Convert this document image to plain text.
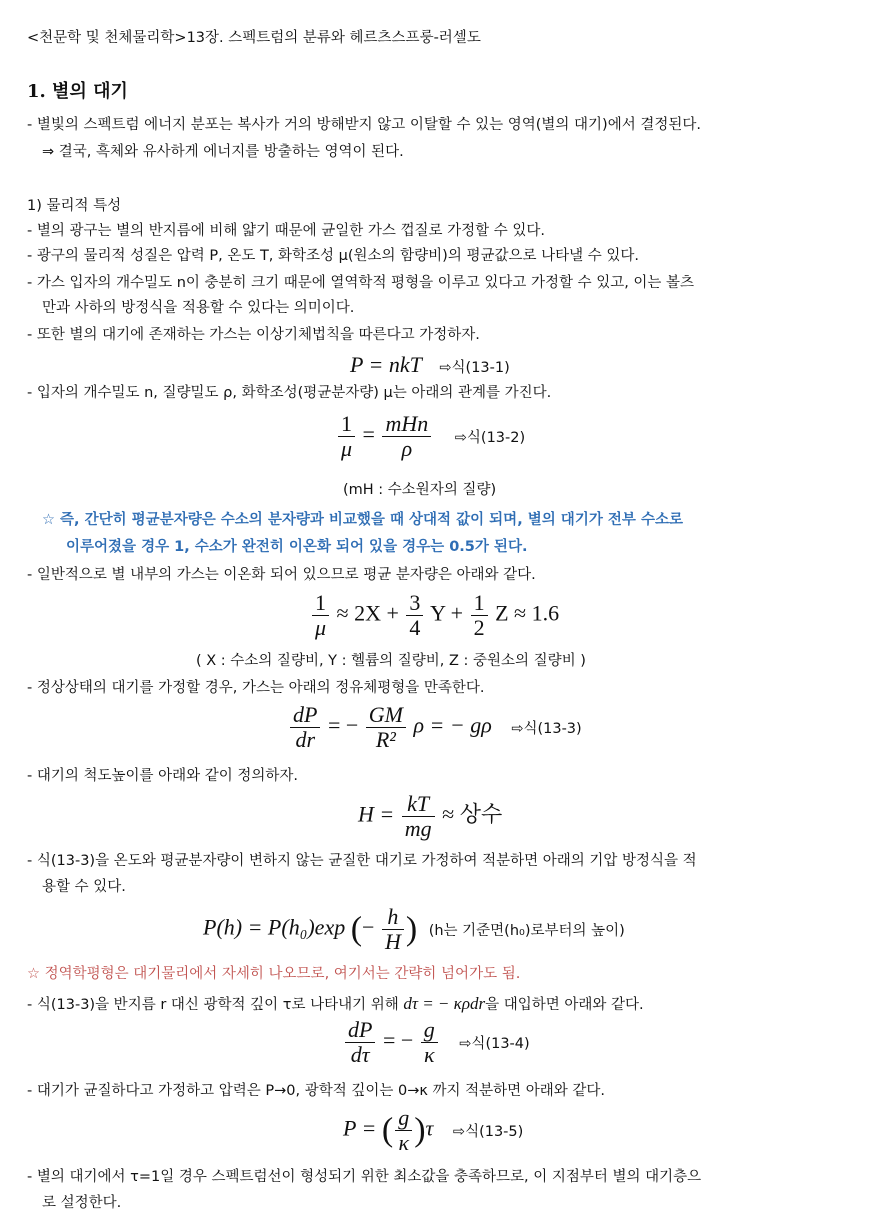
<천문학 및 천체물리학>13장. 스펙트럼의 분류와 헤르츠스프룽-러셀도
1. 별의 대기
- 별빛의 스펙트럼 에너지 분포는 복사가 거의 방해받지 않고 이탈할 수 있는 영역(별의 대기)에서 결정된다.
⇒ 결국, 흑체와 유사하게 에너지를 방출하는 영역이 된다.
1) 물리적 특성
- 별의 광구는 별의 반지름에 비해 얇기 때문에 균일한 가스 껍질로 가정할 수 있다.
- 광구의 물리적 성질은 압력 P, 온도 T, 화학조성 μ(원소의 함량비)의 평균값으로 나타낼 수 있다.
- 가스 입자의 개수밀도 n이 충분히 크기 때문에 열역학적 평형을 이루고 있다고 가정할 수 있고, 이는 볼츠
만과 사하의 방정식을 적용할 수 있다는 의미이다.
- 또한 별의 대기에 존재하는 가스는 이상기체법칙을 따른다고 가정하자.
P = nkT ⇨식(13-1)
- 입자의 개수밀도 n, 질량밀도 ρ, 화학조성(평균분자량) μ는 아래의 관계를 가진다.
$\frac{1}{\mu} = \frac{\text{mHn}}{\rho}$ ⇨식(13-2)
(mH : 수소원자의 질량)
☆ 즉, 간단히 평균분자량은 수소의 분자량과 비교했을 때 상대적 값이 되며, 별의 대기가 전부 수소로
이루어졌을 경우 1, 수소가 완전히 이온화 되어 있을 경우는 0.5가 된다.
- 일반적으로 별 내부의 가스는 이온화 되어 있으므로 평균 분자량은 아래와 같다.
$\frac{1}{\mu} \approx 2X + \frac{3}{4}$ $Y + \frac{1}{2}$ Z ≈ 1.6
( X : 수소의 질량비, Y : 헬륨의 질량비, Z : 중원소의 질량비 )
- 정상상태의 대기를 가정할 경우, 가스는 아래의 정유체평형을 만족한다.
$\frac{dP}{dr}$ = − $\frac{GM}{\text{R²}}$ ρ = − gρ ⇨식(13-3)
- 대기의 척도높이를 아래와 같이 정의하자.
$H = \frac{kT}{mg}$ ≈ 상수
- 식(13-3)을 온도와 평균분자량이 변하지 않는 균질한 대기로 가정하여 적분하면 아래의 기압 방정식을 적
용할 수 있다.
P(h) = P(h₀)exp (− $\frac{h}{H}$ ) (h는 기준면(h₀)로부터의 높이)
☆ 정역학평형은 대기물리에서 자세히 나오므로, 여기서는 간략히 넘어가도 됨.
- 식(13-3)을 반지름 r 대신 광학적 깊이 τ로 나타내기 위해 dτ = − κρdr을 대입하면 아래와 같다.
$\frac{dP}{d\tau}$ = − $\frac{g}{\kappa}$ ⇨식(13-4)
- 대기가 균질하다고 가정하고 압력은 P→0, 광학적 깊이는 0→κ 까지 적분하면 아래와 같다.
P = ( $\frac{g}{\kappa} )\tau$ ⇨식(13-5)
- 별의 대기에서 τ=1일 경우 스펙트럼선이 형성되기 위한 최소값을 충족하므로, 이 지점부터 별의 대기층으
로 설정한다.
